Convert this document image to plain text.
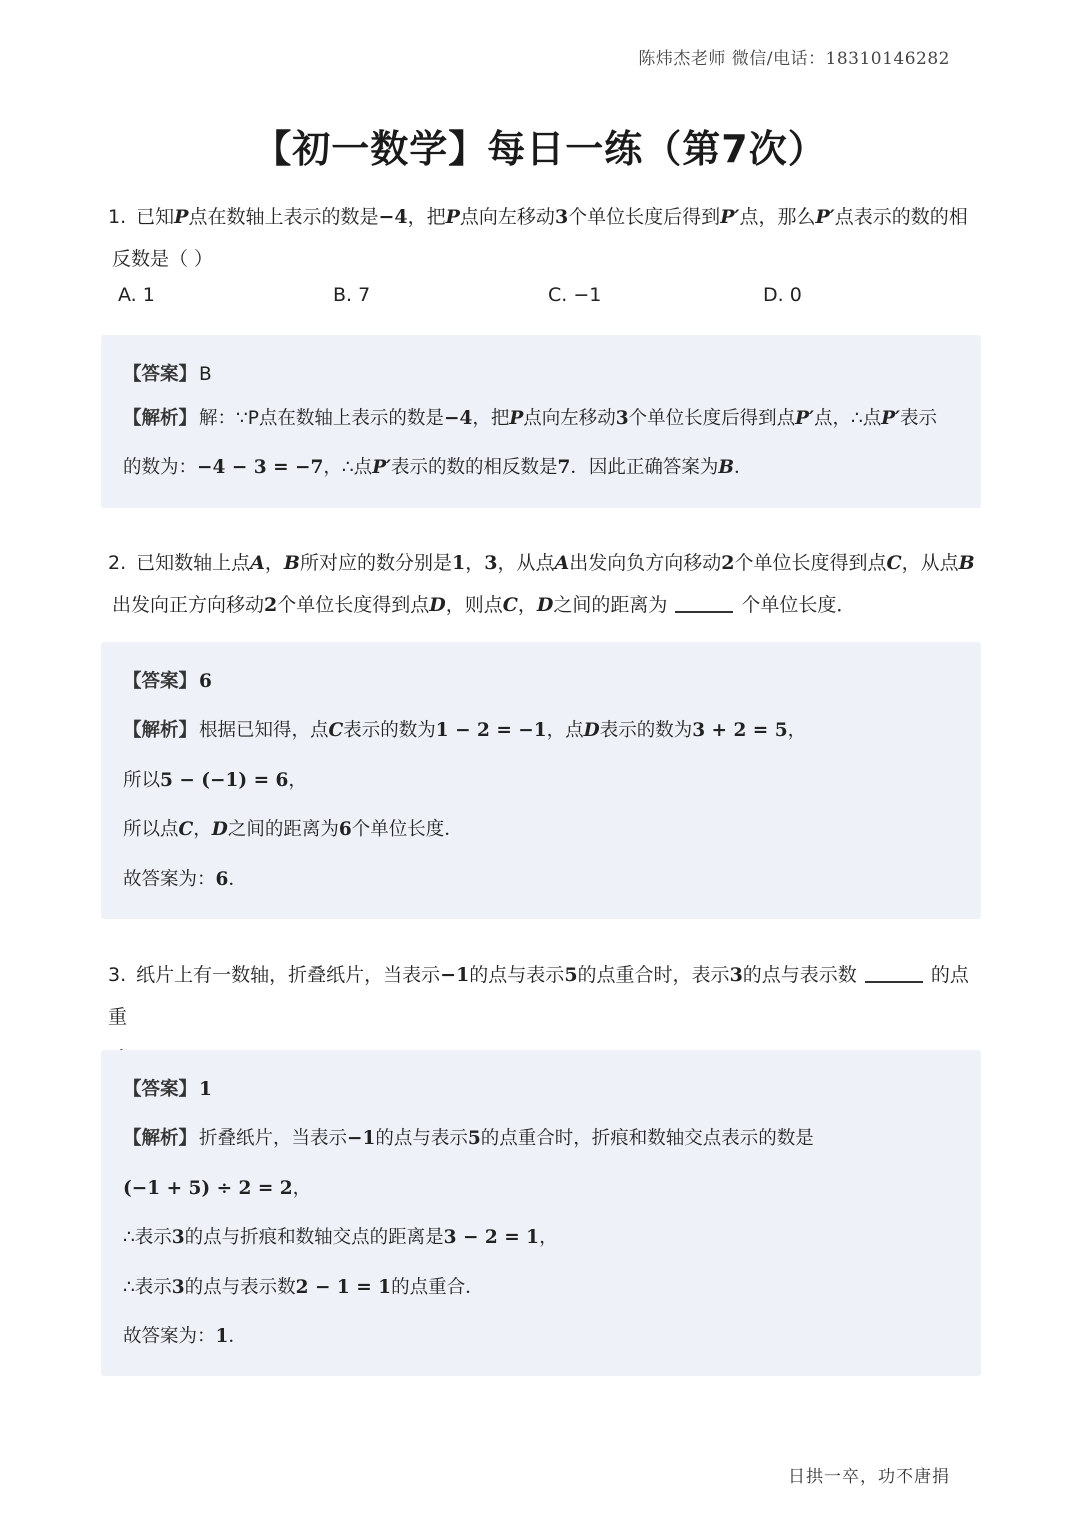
陈炜杰老师 微信/电话：18310146282
【初一数学】每日一练（第7次）
1. 已知P点在数轴上表示的数是−4，把P点向左移动3个单位长度后得到P′点，那么P′点表示的数的相
反数是（ ）
A. 1	B. 7	C. −1	D. 0
【答案】 B
【解析】 解：∵P点在数轴上表示的数是−4，把P点向左移动3个单位长度后得到点P′点，∴点P′表示
的数为：−4 − 3 = −7，∴点P′表示的数的相反数是7．因此正确答案为B．
2. 已知数轴上点A，B所对应的数分别是1，3，从点A出发向负方向移动2个单位长度得到点C，从点B
出发向正方向移动2个单位长度得到点D，则点C，D之间的距离为	个单位长度．
【答案】 6
【解析】 根据已知得，点C表示的数为1 − 2 = −1，点D表示的数为3 + 2 = 5，
所以5 − (−1) = 6，
所以点C，D之间的距离为6个单位长度．
故答案为：6．
3. 纸片上有一数轴，折叠纸片，当表示−1的点与表示5的点重合时，表示3的点与表示数	的点重
【答案】 1
【解析】 折叠纸片，当表示−1的点与表示5的点重合时，折痕和数轴交点表示的数是
(−1 + 5) ÷ 2 = 2，
∴表示3的点与折痕和数轴交点的距离是3 − 2 = 1，
∴表示3的点与表示数2 − 1 = 1的点重合．
故答案为：1．
日拱一卒，功不唐捐
